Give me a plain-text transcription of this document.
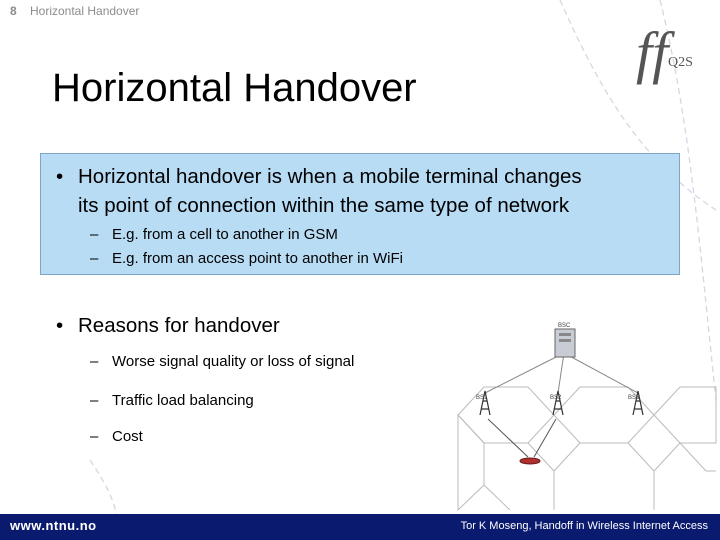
8 Horizontal Handover
ff Q2S
Horizontal Handover
• Horizontal handover is when a mobile terminal changes
its point of connection within the same type of network
– E.g. from a cell to another in GSM
– E.g. from an access point to another in WiFi
• Reasons for handover
– Worse signal quality or loss of signal
– Traffic load balancing
– Cost
BSC
BS1	BS2	BS3
www.ntnu.no	Tor K Moseng, Handoff in Wireless Internet Access
